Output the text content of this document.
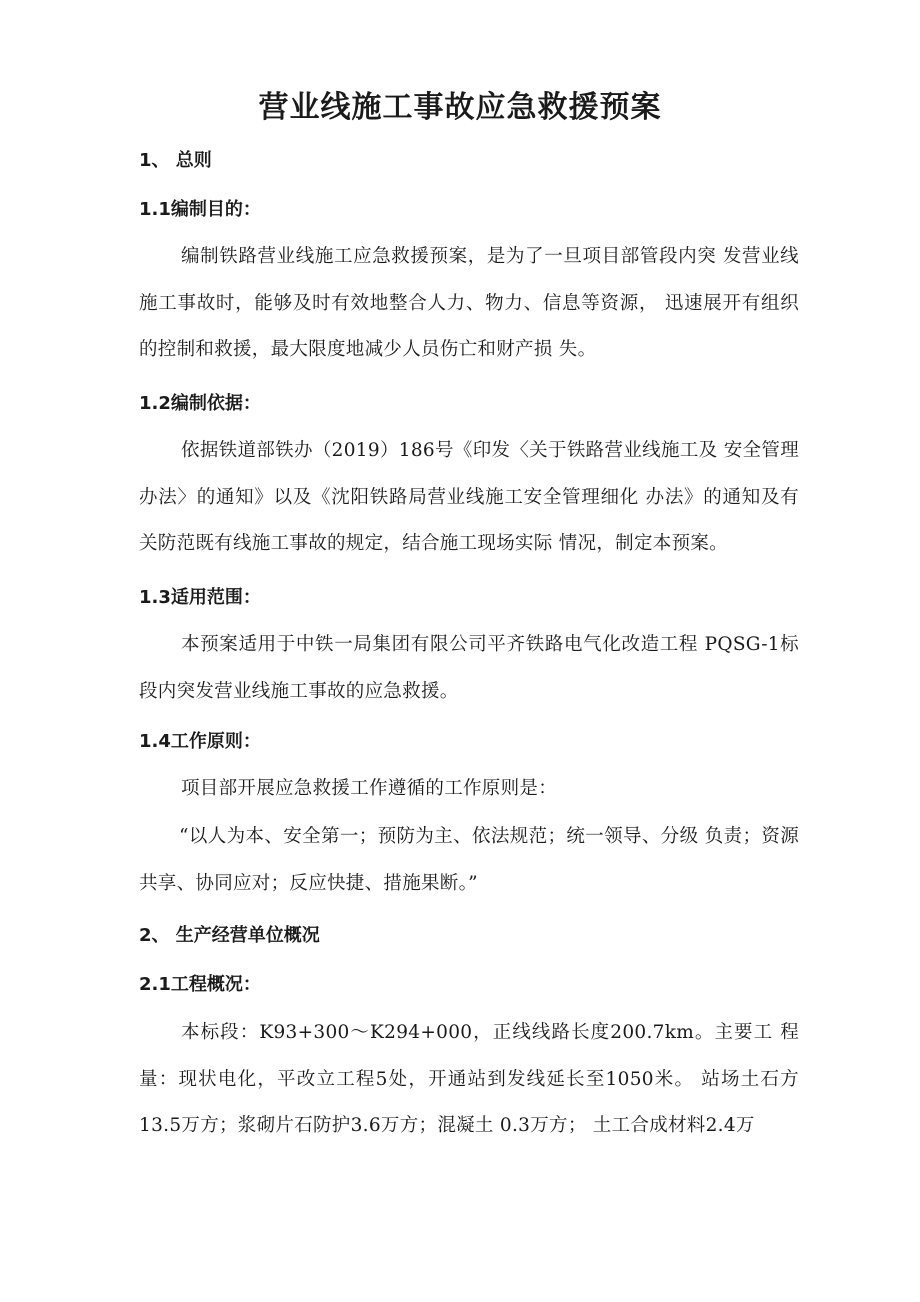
营业线施工事故应急救援预案
1、 总则
1.1编制目的：
编制铁路营业线施工应急救援预案，是为了一旦项目部管段内突 发营业线施工事故时，能够及时有效地整合人力、物力、信息等资源， 迅速展开有组织的控制和救援，最大限度地减少人员伤亡和财产损 失。
1.2编制依据：
依据铁道部铁办（2019）186号《印发〈关于铁路营业线施工及 安全管理办法〉的通知》以及《沈阳铁路局营业线施工安全管理细化 办法》的通知及有关防范既有线施工事故的规定，结合施工现场实际 情况，制定本预案。
1.3适用范围：
本预案适用于中铁一局集团有限公司平齐铁路电气化改造工程 PQSG-1标段内突发营业线施工事故的应急救援。
1.4工作原则：
项目部开展应急救援工作遵循的工作原则是：
“以人为本、安全第一；预防为主、依法规范；统一领导、分级 负责；资源共享、协同应对；反应快捷、措施果断。”
2、 生产经营单位概况
2.1工程概况：
本标段：K93+300〜K294+000，正线线路长度200.7km。主要工 程量：现状电化，平改立工程5处，开通站到发线延长至1050米。 站场土石方13.5万方；浆砌片石防护3.6万方；混凝土 0.3万方； 土工合成材料2.4万
